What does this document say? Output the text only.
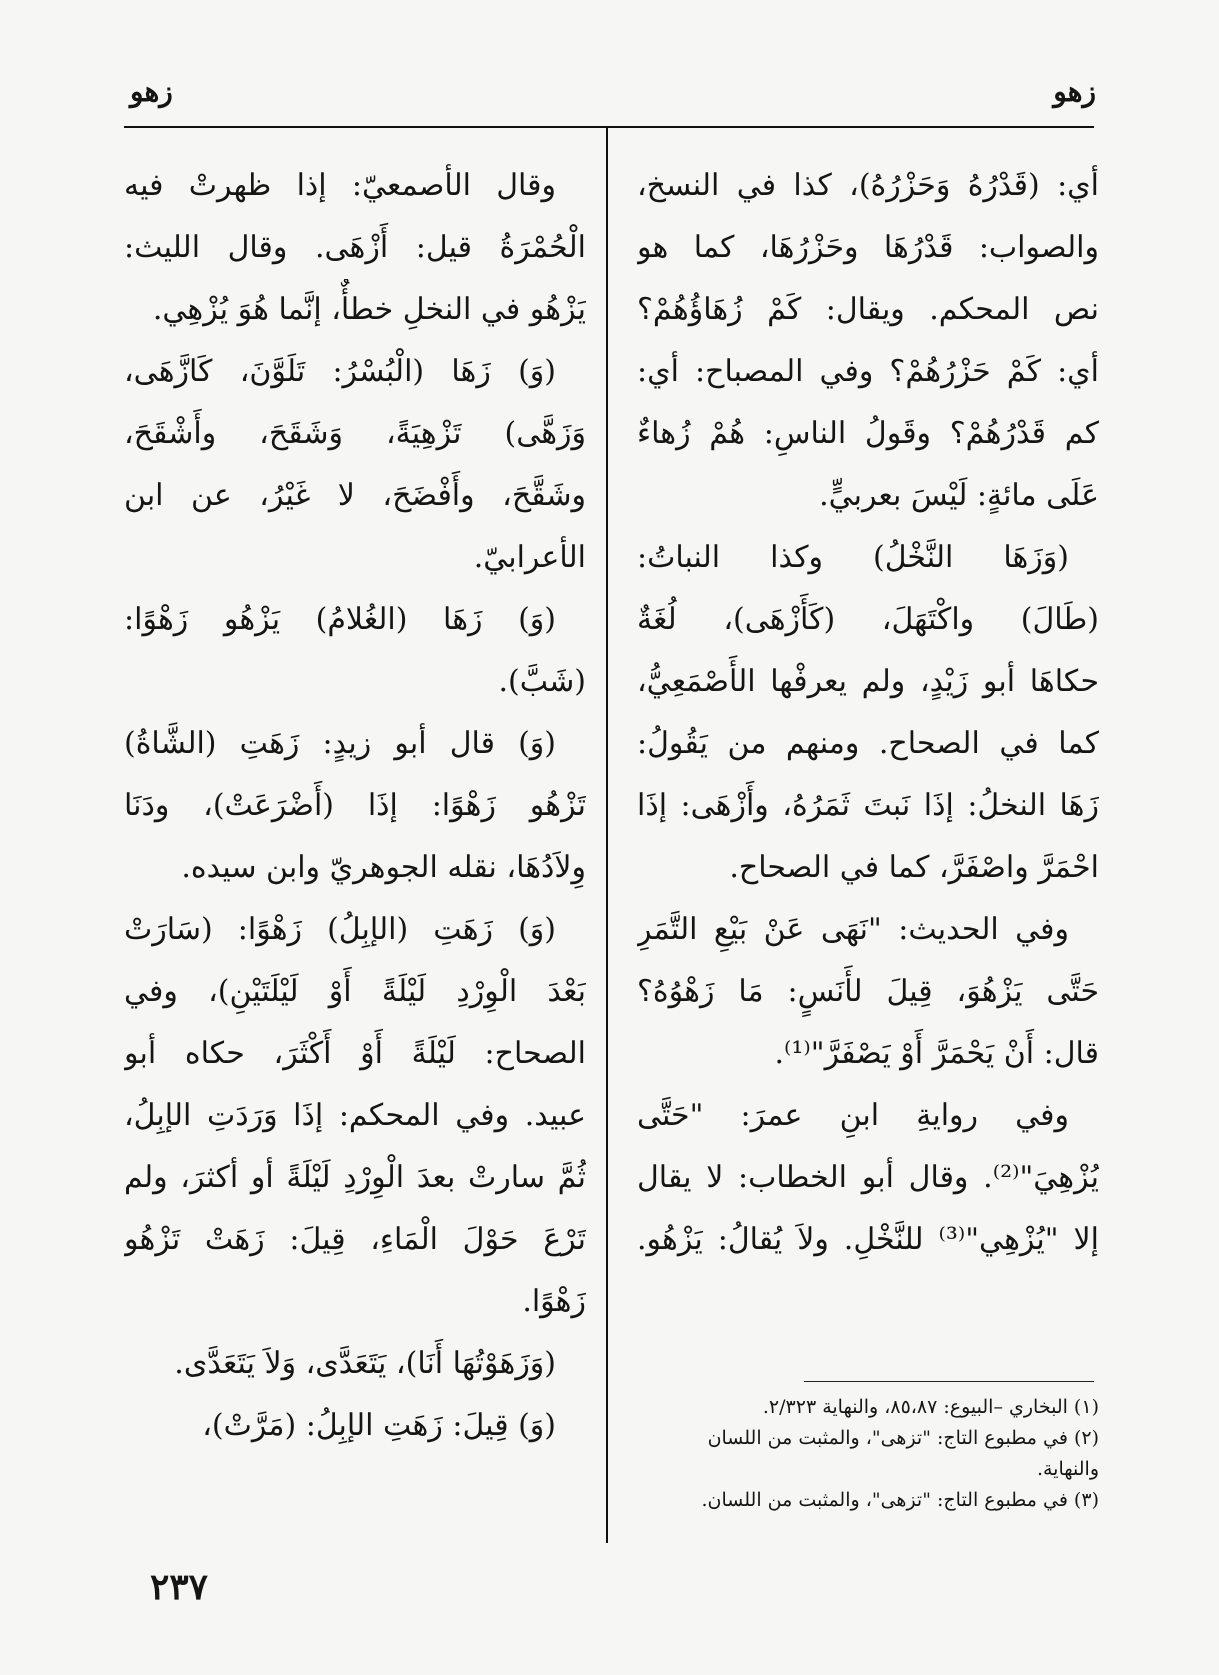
زهو
زهو
أي: (قَدْرُهُ وَحَزْرُهُ)، كذا في النسخ،
والصواب: قَدْرُهَا وحَزْرُهَا، كما هو
نص المحكم. ويقال: كَمْ زُهَاؤُهُمْ؟
أي: كَمْ حَزْرُهُمْ؟ وفي المصباح: أي:
كم قَدْرُهُمْ؟ وقَولُ الناسِ: هُمْ زُهاءٌ
عَلَى مائةٍ: لَيْسَ بعربيٍّ.
(وَزَهَا النَّخْلُ) وكذا النباتُ:
(طَالَ) واكْتَهَلَ، (كَأَزْهَى)، لُغَةٌ
حكاهَا أبو زَيْدٍ، ولم يعرفْها الأَصْمَعِيُّ،
كما في الصحاح. ومنهم من يَقُولُ:
زَهَا النخلُ: إذَا نَبتَ ثَمَرُهُ، وأَزْهَى: إذَا
احْمَرَّ واصْفَرَّ، كما في الصحاح.
وفي الحديث: "نَهَى عَنْ بَيْعِ التَّمَرِ
حَتَّى يَزْهُوَ، قِيلَ لأَنَسٍ: مَا زَهْوُهُ؟
قال: أَنْ يَحْمَرَّ أَوْ يَصْفَرَّ"⁽¹⁾.
وفي روايةِ ابنِ عمرَ: "حَتَّى
يُزْهِيَ"⁽²⁾. وقال أبو الخطاب: لا يقال
إلا "يُزْهِي"⁽³⁾ للنَّخْلِ. ولاَ يُقالُ: يَزْهُو.
وقال الأصمعيّ: إذا ظهرتْ فيه
الْحُمْرَةُ قيل: أَزْهَى. وقال الليث:
يَزْهُو في النخلِ خطأٌ، إنَّما هُوَ يُزْهِي.
(وَ) زَهَا (الْبُسْرُ: تَلَوَّنَ، كَازَّهَى،
وَزَهَّى) تَزْهِيَةً، وَشَقَحَ، وأَشْقَحَ،
وشَقَّحَ، وأَفْضَحَ، لا غَيْرُ، عن ابن
الأعرابيّ.
(وَ) زَهَا (الغُلامُ) يَزْهُو زَهْوًا:
(شَبَّ).
(وَ) قال أبو زيدٍ: زَهَتِ (الشَّاةُ)
تَزْهُو زَهْوًا: إذَا (أَضْرَعَتْ)، ودَنَا
وِلاَدُهَا، نقله الجوهريّ وابن سيده.
(وَ) زَهَتِ (الإبِلُ) زَهْوًا: (سَارَتْ
بَعْدَ الْوِرْدِ لَيْلَةً أَوْ لَيْلَتَيْنِ)، وفي
الصحاح: لَيْلَةً أَوْ أَكْثَرَ، حكاه أبو
عبيد. وفي المحكم: إذَا وَرَدَتِ الإبِلُ،
ثُمَّ سارتْ بعدَ الْوِرْدِ لَيْلَةً أو أكثرَ، ولم
تَرْعَ حَوْلَ الْمَاءِ، قِيلَ: زَهَتْ تَزْهُو
زَهْوًا.
(وَزَهَوْتُهَا أَنَا)، يَتَعَدَّى، وَلاَ يَتَعَدَّى.
(وَ) قِيلَ: زَهَتِ الإبِلُ: (مَرَّتْ)،
(١) البخاري –البيوع: ٨٥،٨٧، والنهاية ٢/٣٢٣.
(٢) في مطبوع التاج: "تزهى"، والمثبت من اللسان
والنهاية.
(٣) في مطبوع التاج: "تزهى"، والمثبت من اللسان.
٢٣٧
